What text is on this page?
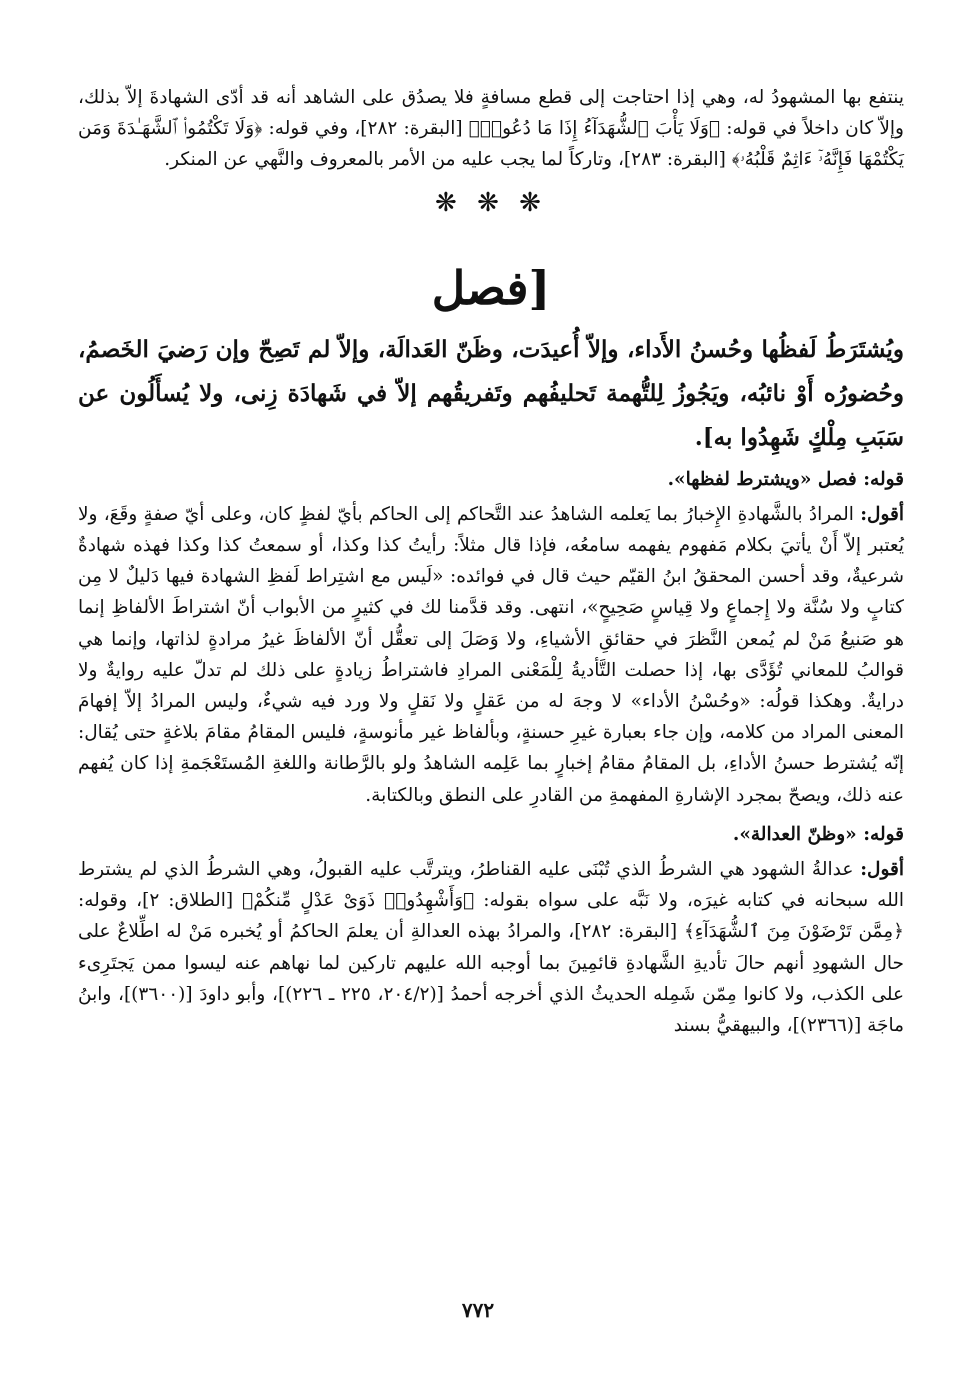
ينتفع بها المشهودُ له، وهي إذا احتاجت إلى قطع مسافةٍ فلا يصدُق على الشاهد أنه قد أدّى الشهادةَ إلاّ بذلك، وإلاّ كان داخلاً في قوله: ﴿وَلَا يَأْبَ ٱلشُّهَدَآءُ إِذَا مَا دُعُوا۟﴾ [البقرة: ٢٨٢]، وفي قوله: ﴿وَلَا تَكْتُمُوا۟ ٱلشَّهَـٰدَةَ وَمَن يَكْتُمْهَا فَإِنَّهُۥٓ ءَاثِمٌ قَلْبُهُۥ﴾ [البقرة: ٢٨٣]، وتاركاً لما يجب عليه من الأمر بالمعروف والنَّهي عن المنكر.

❋ ❋ ❋
[فصل

ويُشتَرَطُ لَفظُها وحُسنُ الأَداء، وإلاّ أُعيدَت، وظَنّ العَدالَة، وإلاّ لم تَصِحّ وإن رَضيَ الخَصمُ، وحُضورُه أَوْ نائبُه، ويَجُوزُ لِلتُّهمة تَحليفُهم وتَفريقُهم إلاّ في شَهادَة زِنى، ولا يُسأَلُون عن سَبَبِ مِلْكٍ شَهِدُوا به].

قوله: فصل «ويشترط لفظها».

أقول: المرادُ بالشَّهادةِ الإِخبارُ بما يَعلمه الشاهدُ عند التَّحاكم إلى الحاكم بأيّ لفظٍ كان، وعلى أيّ صفةٍ وقَعَ، ولا يُعتبر إلاّ أَنْ يأتيَ بكلام مَفهوم يفهمه سامعُه، فإذا قال مثلاً: رأيتُ كذا وكذا، أو سمعتُ كذا وكذا فهذه شهادةٌ شرعيةٌ، وقد أحسن المحققُ ابنُ القيّم حيث قال في فوائده: «لَيس مع اشتِراط لَفظِ الشهادة فيها دَليلٌ لا مِن كتابٍ ولا سُنَّة ولا إِجماعٍ ولا قِياسٍ صَحِيحٍ»، انتهى. وقد قدَّمنا لك في كثيرٍ من الأبواب أنّ اشتراطَ الألفاظِ إنما هو صَنيعُ مَنْ لم يُمعن النَّظرَ في حقائقِ الأشياءِ، ولا وَصَلَ إلى تعقُّل أنّ الألفاظَ غيرُ مرادةٍ لذاتها، وإنما هي قوالبُ للمعاني تُؤَدَّى بها، إذا حصلت التَّأديةُ لِلْمَعْنى المرادِ فاشتراطُ زيادةٍ على ذلك لم تدلّ عليه روايةٌ ولا درايةٌ. وهكذا قولُه: «وحُسْنُ الأداء» لا وجهَ له من عَقلٍ ولا نَقلٍ ولا ورد فيه شيءٌ، وليس المرادُ إلاّ إفهامَ المعنى المراد من كلامه، وإن جاء بعبارة غيرِ حسنةٍ، وبألفاظ غير مأنوسةٍ، فليس المقامُ مقامَ بلاغةٍ حتى يُقال: إنّه يُشترط حسنُ الأداءِ، بل المقامُ مقامُ إخبارٍ بما عَلِمه الشاهدُ ولو بالرَّطانة واللغةِ المُستَعْجَمةِ إذا كان يُفهم عنه ذلك، ويصحّ بمجرد الإشارةِ المفهمةِ من القادرِ على النطق وبالكتابة.

قوله: «وظنّ العدالة».

أقول: عدالةُ الشهود هي الشرطُ الذي تُبْنَى عليه القناطرُ، ويترتَّب عليه القبولُ، وهي الشرطُ الذي لم يشترط الله سبحانه في كتابه غيرَه، ولا نَبَّه على سواه بقوله: ﴿وَأَشْهِدُوا۟ ذَوَىْ عَدْلٍ مِّنكُمْ﴾ [الطلاق: ٢]، وقوله: ﴿مِمَّن تَرْضَوْنَ مِنَ ٱلشُّهَدَآءِ﴾ [البقرة: ٢٨٢]، والمرادُ بهذه العدالةِ أن يعلمَ الحاكمُ أو يُخبره مَنْ له اطِّلاعٌ على حال الشهودِ أنهم حالَ تأديةِ الشَّهادةِ قائمِينَ بما أوجبه الله عليهم تاركين لما نهاهم عنه ليسوا ممن يَجتَرِىء على الكذب، ولا كانوا مِمّن شَمِله الحديثُ الذي أخرجه أحمدُ [(٢٠٤/٢، ٢٢٥ ـ ٢٢٦)]، وأبو داودَ [(٣٦٠٠)]، وابنُ ماجَة [(٢٣٦٦)]، والبيهقيُّ بسند

٧٧٢
